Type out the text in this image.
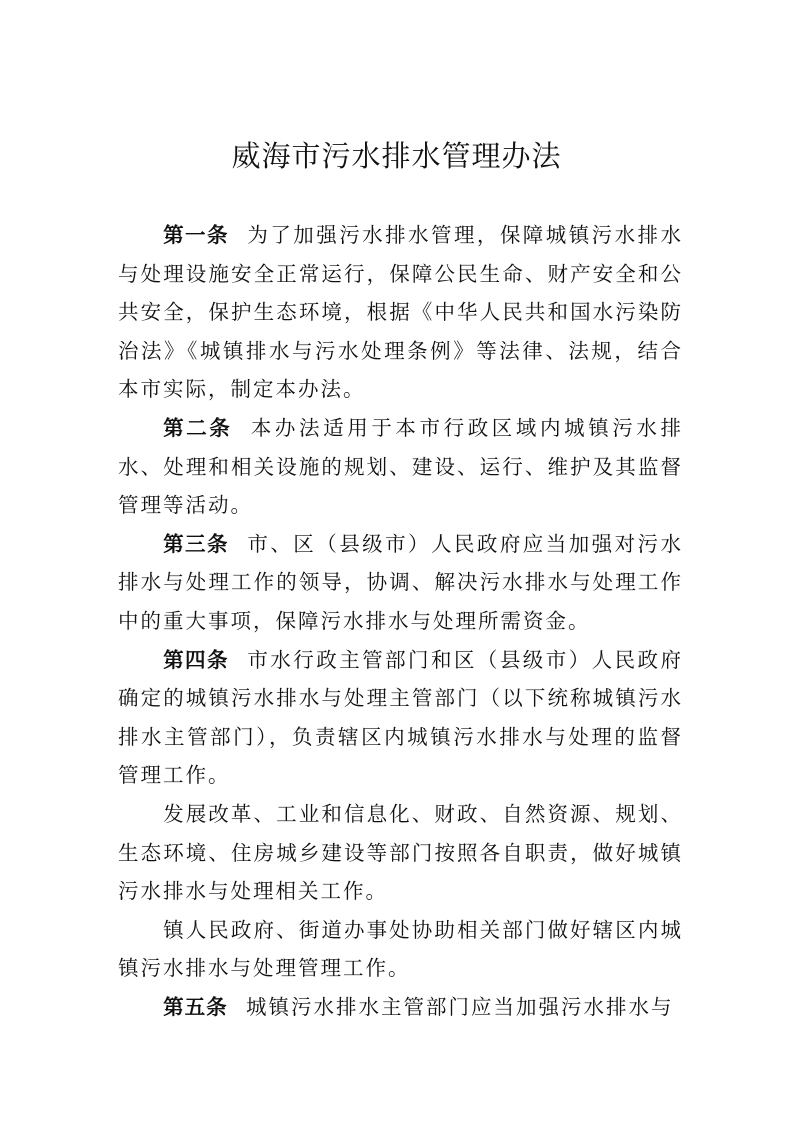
威海市污水排水管理办法

第一条 为了加强污水排水管理，保障城镇污水排水与处理设施安全正常运行，保障公民生命、财产安全和公共安全，保护生态环境，根据《中华人民共和国水污染防治法》《城镇排水与污水处理条例》等法律、法规，结合本市实际，制定本办法。

第二条 本办法适用于本市行政区域内城镇污水排水、处理和相关设施的规划、建设、运行、维护及其监督管理等活动。

第三条 市、区（县级市）人民政府应当加强对污水排水与处理工作的领导，协调、解决污水排水与处理工作中的重大事项，保障污水排水与处理所需资金。

第四条 市水行政主管部门和区（县级市）人民政府确定的城镇污水排水与处理主管部门（以下统称城镇污水排水主管部门），负责辖区内城镇污水排水与处理的监督管理工作。

发展改革、工业和信息化、财政、自然资源、规划、生态环境、住房城乡建设等部门按照各自职责，做好城镇污水排水与处理相关工作。

镇人民政府、街道办事处协助相关部门做好辖区内城镇污水排水与处理管理工作。

第五条 城镇污水排水主管部门应当加强污水排水与
